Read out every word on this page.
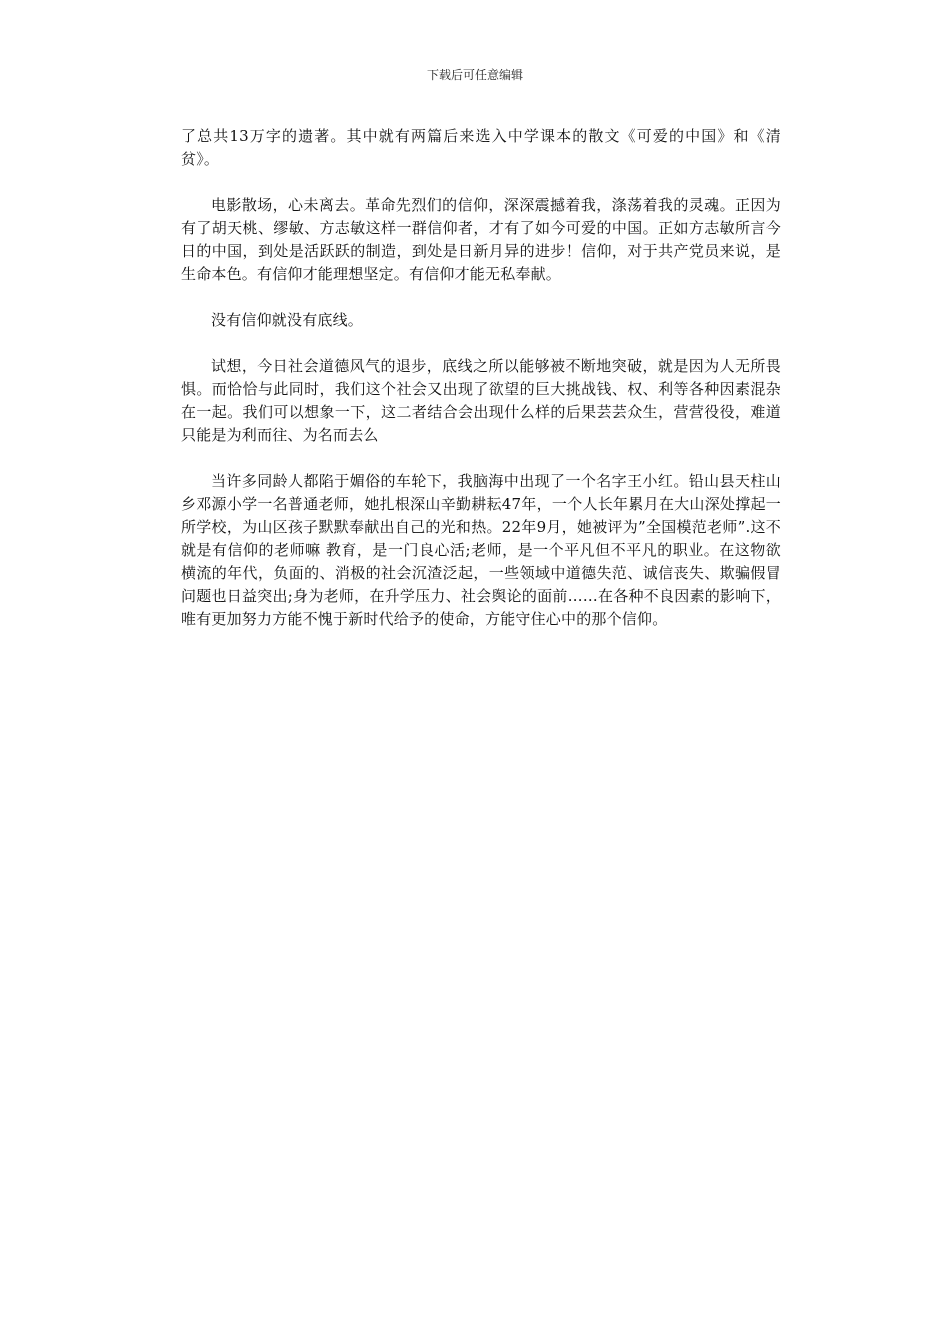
下载后可任意编辑

了总共13万字的遗著。其中就有两篇后来选入中学课本的散文《可爱的中国》和《清贫》。

电影散场，心未离去。革命先烈们的信仰，深深震撼着我，涤荡着我的灵魂。正因为有了胡天桃、缪敏、方志敏这样一群信仰者，才有了如今可爱的中国。正如方志敏所言今日的中国，到处是活跃跃的制造，到处是日新月异的进步！信仰，对于共产党员来说，是生命本色。有信仰才能理想坚定。有信仰才能无私奉献。

没有信仰就没有底线。

试想，今日社会道德风气的退步，底线之所以能够被不断地突破，就是因为人无所畏惧。而恰恰与此同时，我们这个社会又出现了欲望的巨大挑战钱、权、利等各种因素混杂在一起。我们可以想象一下，这二者结合会出现什么样的后果芸芸众生，营营役役，难道只能是为利而往、为名而去么

当许多同龄人都陷于媚俗的车轮下，我脑海中出现了一个名字王小红。铅山县天柱山乡邓源小学一名普通老师，她扎根深山辛勤耕耘47年，一个人长年累月在大山深处撑起一所学校，为山区孩子默默奉献出自己的光和热。22年9月，她被评为”全国模范老师”.这不就是有信仰的老师嘛 教育，是一门良心活;老师，是一个平凡但不平凡的职业。在这物欲横流的年代，负面的、消极的社会沉渣泛起，一些领域中道德失范、诚信丧失、欺骗假冒问题也日益突出;身为老师，在升学压力、社会舆论的面前……在各种不良因素的影响下，唯有更加努力方能不愧于新时代给予的使命，方能守住心中的那个信仰。
